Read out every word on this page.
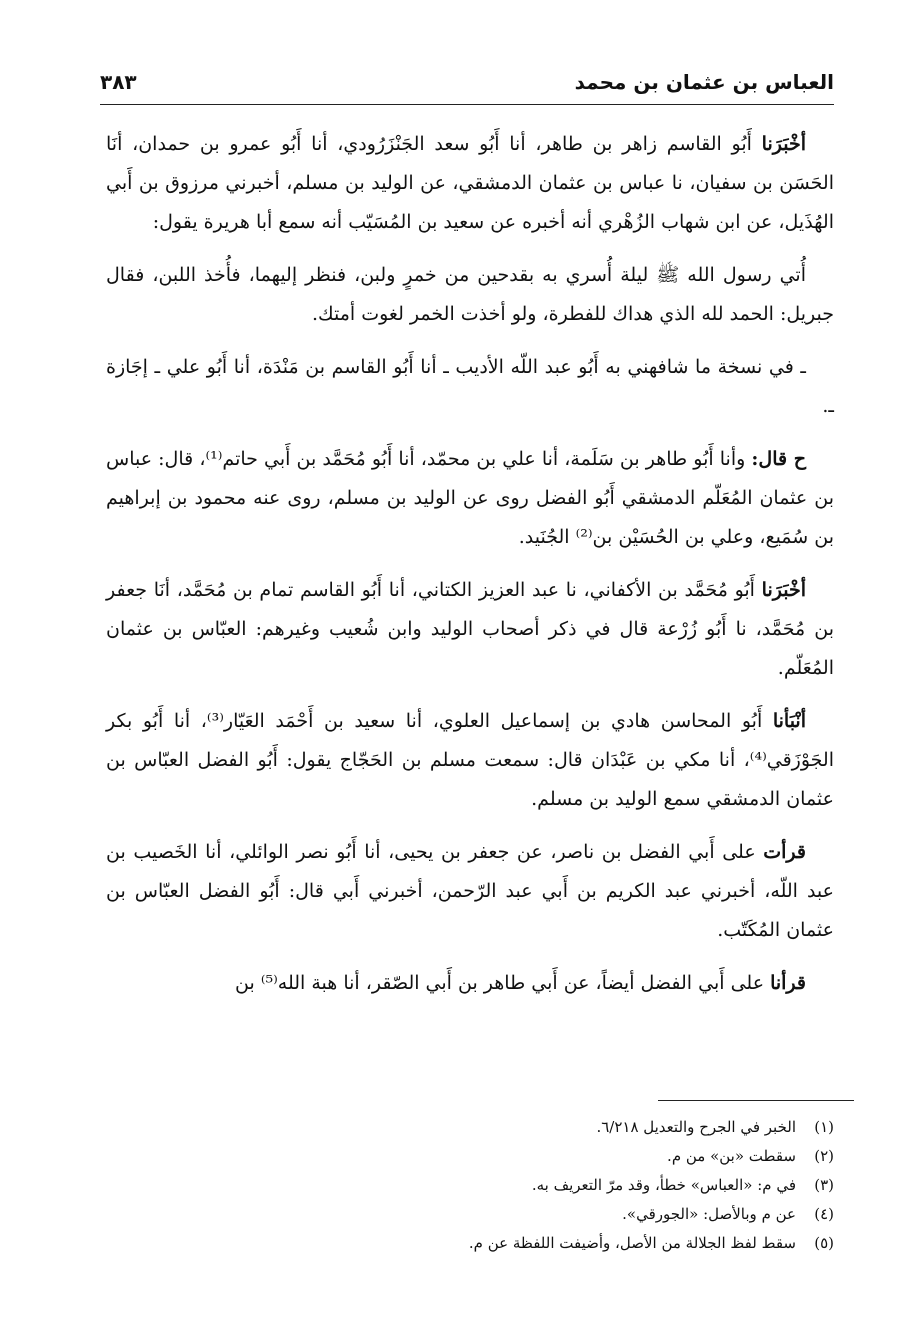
العباس بن عثمان بن محمد
٣٨٣

أخْبَرَنا أَبُو القاسم زاهر بن طاهر، أنا أَبُو سعد الجَنْزَرُودي، أنا أَبُو عمرو بن حمدان، أنَا الحَسَن بن سفيان، نا عباس بن عثمان الدمشقي، عن الوليد بن مسلم، أخبرني مرزوق بن أَبي الهُذَيل، عن ابن شهاب الزُهْري أنه أخبره عن سعيد بن المُسَيّب أنه سمع أبا هريرة يقول:

أُتي رسول الله ﷺ ليلة أُسري به بقدحين من خمرٍ ولبن، فنظر إليهما، فأُخذ اللبن، فقال جبريل: الحمد لله الذي هداك للفطرة، ولو أخذت الخمر لغوت أمتك.

ـ في نسخة ما شافهني به أَبُو عبد اللّه الأديب ـ أنا أَبُو القاسم بن مَنْدَة، أنا أَبُو علي ـ إجَازة ـ.

ح قال: وأنا أَبُو طاهر بن سَلَمة، أنا علي بن محمّد، أنا أَبُو مُحَمَّد بن أَبي حاتم⁽¹⁾، قال: عباس بن عثمان المُعَلّم الدمشقي أَبُو الفضل روى عن الوليد بن مسلم، روى عنه محمود بن إبراهيم بن سُمَيع، وعلي بن الحُسَيْن بن⁽²⁾ الجُنَيد.

أخْبَرَنا أَبُو مُحَمَّد بن الأكفاني، نا عبد العزيز الكتاني، أنا أَبُو القاسم تمام بن مُحَمَّد، أنَا جعفر بن مُحَمَّد، نا أَبُو زُرْعة قال في ذكر أصحاب الوليد وابن شُعيب وغيرهم: العبّاس بن عثمان المُعَلّم.

أنْبَأنا أَبُو المحاسن هادي بن إسماعيل العلوي، أنا سعيد بن أَحْمَد العَيّار⁽³⁾، أنا أَبُو بكر الجَوْزَقي⁽⁴⁾، أنا مكي بن عَبْدَان قال: سمعت مسلم بن الحَجّاج يقول: أَبُو الفضل العبّاس بن عثمان الدمشقي سمع الوليد بن مسلم.

قرأت على أَبي الفضل بن ناصر، عن جعفر بن يحيى، أنا أَبُو نصر الوائلي، أنا الخَصيب بن عبد اللّه، أخبرني عبد الكريم بن أَبي عبد الرّحمن، أخبرني أَبي قال: أَبُو الفضل العبّاس بن عثمان المُكَتّب.

قرأنا على أَبي الفضل أيضاً، عن أَبي طاهر بن أَبي الصّقر، أنا هبة الله⁽⁵⁾ بن

(١)
الخبر في الجرح والتعديل ٦/٢١٨.
(٢)
سقطت «بن» من م.
(٣)
في م: «العباس» خطأ، وقد مرّ التعريف به.
(٤)
عن م وبالأصل: «الجورقي».
(٥)
سقط لفظ الجلالة من الأصل، وأضيفت اللفظة عن م.
